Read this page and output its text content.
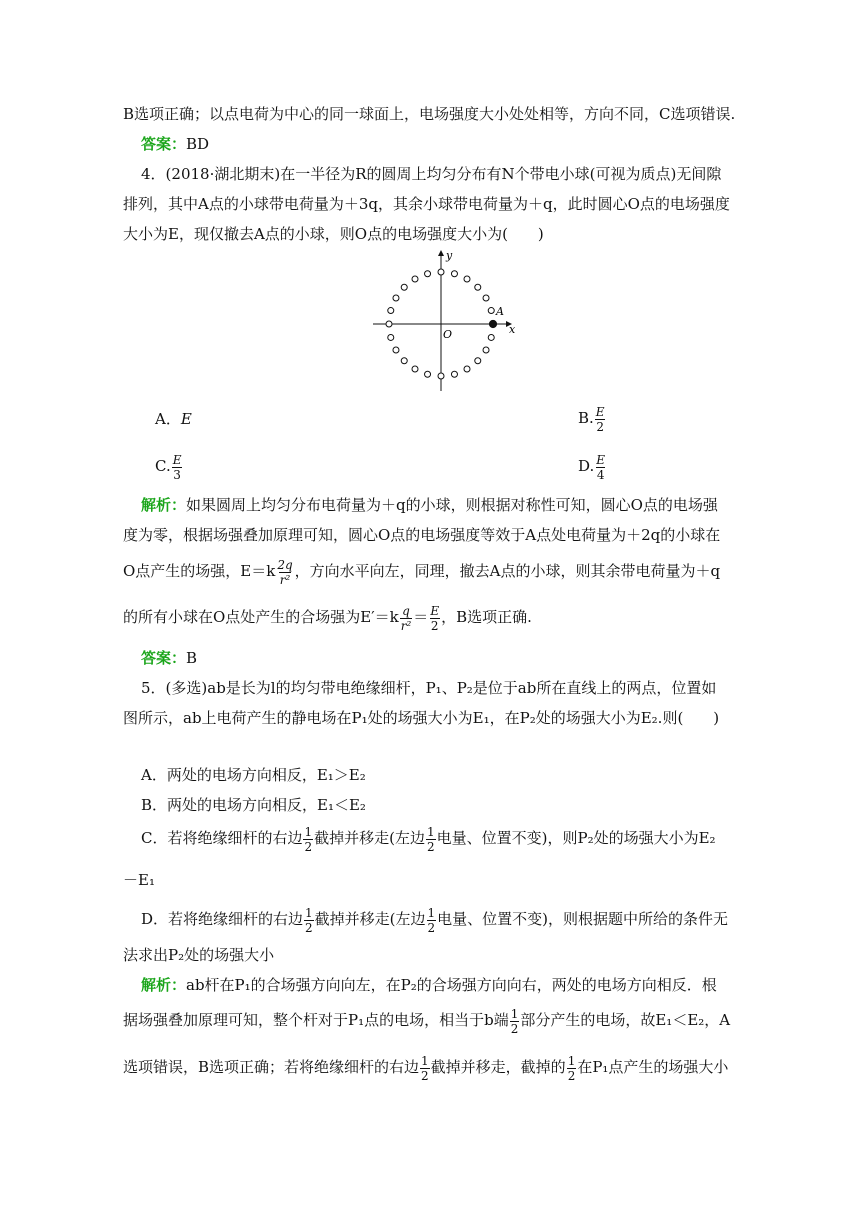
B选项正确；以点电荷为中心的同一球面上，电场强度大小处处相等，方向不同，C选项错误.
答案：BD
4．(2018·湖北期末)在一半径为R的圆周上均匀分布有N个带电小球(可视为质点)无间隙
排列，其中A点的小球带电荷量为＋3q，其余小球带电荷量为＋q，此时圆心O点的电场强度
大小为E，现仅撤去A点的小球，则O点的电场强度大小为(　　)
y
x
O
A
A．E	B. $\frac{E}{2}$
C. $\frac{E}{3}$	D. $\frac{E}{4}$
解析：如果圆周上均匀分布电荷量为＋q的小球，则根据对称性可知，圆心O点的电场强
度为零，根据场强叠加原理可知，圆心O点的电场强度等效于A点处电荷量为＋2q的小球在
O点产生的场强，$E=k \frac{2q}{\text{r²}}$ ，方向水平向左，同理，撤去A点的小球，则其余带电荷量为＋q
的所有小球在O点处产生的合场强为$E'=k \frac{q}{\text{r²}} = \frac{E}{2}$ ，B选项正确.
答案：B
5．(多选)ab是长为l的均匀带电绝缘细杆，P₁、P₂是位于ab所在直线上的两点，位置如
图所示，ab上电荷产生的静电场在P₁处的场强大小为E₁，在P₂处的场强大小为E₂.则(　　)
A．两处的电场方向相反，E₁＞E₂
B．两处的电场方向相反，E₁＜E₂
C．若将绝缘细杆的右边 $\frac{1}{2}$ 截掉并移走(左边 $\frac{1}{2}$ 电量、位置不变)，则P₂处的场强大小为E₂
－E₁
D．若将绝缘细杆的右边 $\frac{1}{2}$ 截掉并移走(左边 $\frac{1}{2}$ 电量、位置不变)，则根据题中所给的条件无
法求出P₂处的场强大小
解析：ab杆在P₁的合场强方向向左，在P₂的合场强方向向右，两处的电场方向相反．根
据场强叠加原理可知，整个杆对于P₁点的电场，相当于b端 $\frac{1}{2}$ 部分产生的电场，故E₁＜E₂，A
选项错误，B选项正确；若将绝缘细杆的右边 $\frac{1}{2}$ 截掉并移走，截掉的 $\frac{1}{2}$ 在P₁点产生的场强大小
